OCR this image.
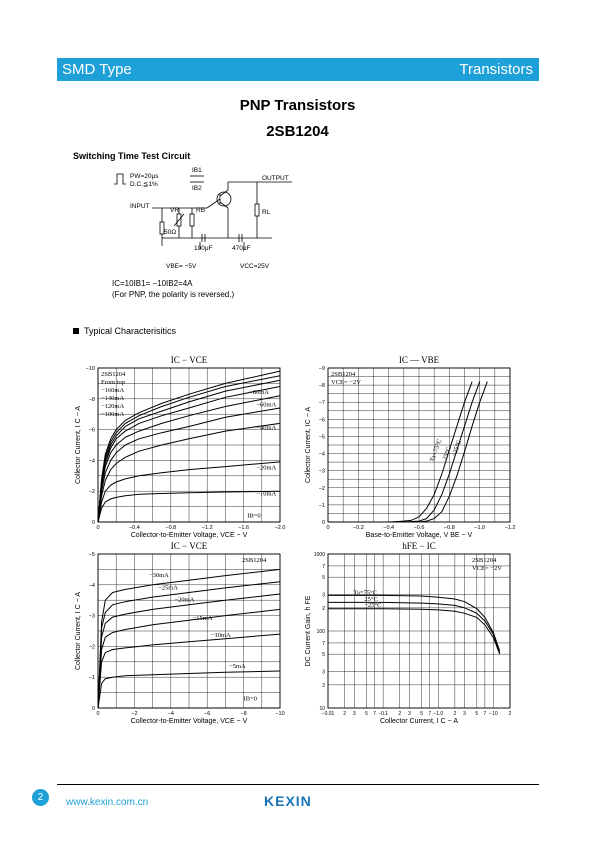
SMD Type	Transistors
PNP Transistors
2SB1204
Switching Time Test Circuit
PW=20μs
D.C.≦1%
INPUT
OUTPUT
IB1
IB2
VR	RB	RL
50Ω
100μF	470μF
VBE= −5V	VCC=25V
IC=10IB1= −10IB2=4A
(For PNP, the polarity is reversed.)
Typical Characterisitics
0	−0.4	−0.8	−1.2	−1.6	−2.0
0
−2
−4
−6
−8
−10
IC − VCE
Collector-to-Emitter Voltage, VCE − V
Collector Current, I C − A
2SB1204
From top
−160mA
−140mA
−120mA
−100mA
−80mA
−60mA
−40mA
−20mA
−10mA
IB=0
0	−0.2	−0.4	−0.6	−0.8	−1.0	−1.2
0
−1
−2
−3
−4
−5
−6
−7
−8
−9
IC — VBE
Base-to-Emitter Voltage, V BE − V
Collector Current, IC − A
2SB1204
VCE= −2V
Ta=75°C
25°C
−25°C
0	−2	−4	−6	−8	−10
0
−1
−2
−3
−4
−5
IC − VCE
Collector-to-Emitter Voltage, VCE − V
Collector Current, I C − A
2SB1204
−30mA
−25mA
−20mA
−15mA
−10mA
−5mA
IB=0
−0.01 2 3 5 7 −0.1 2 3 5 7 −1.0 2 3 5 7 −10 2
10
2
3
5
7
100
2
3
5
7
1000
hFE − IC
Collector Current, I C − A
DC Current Gain, h FE
2SB1204
VCE= −2V
Ta=75°C
25°C
−25°C
2	www.kexin.com.cn	KEXIN
